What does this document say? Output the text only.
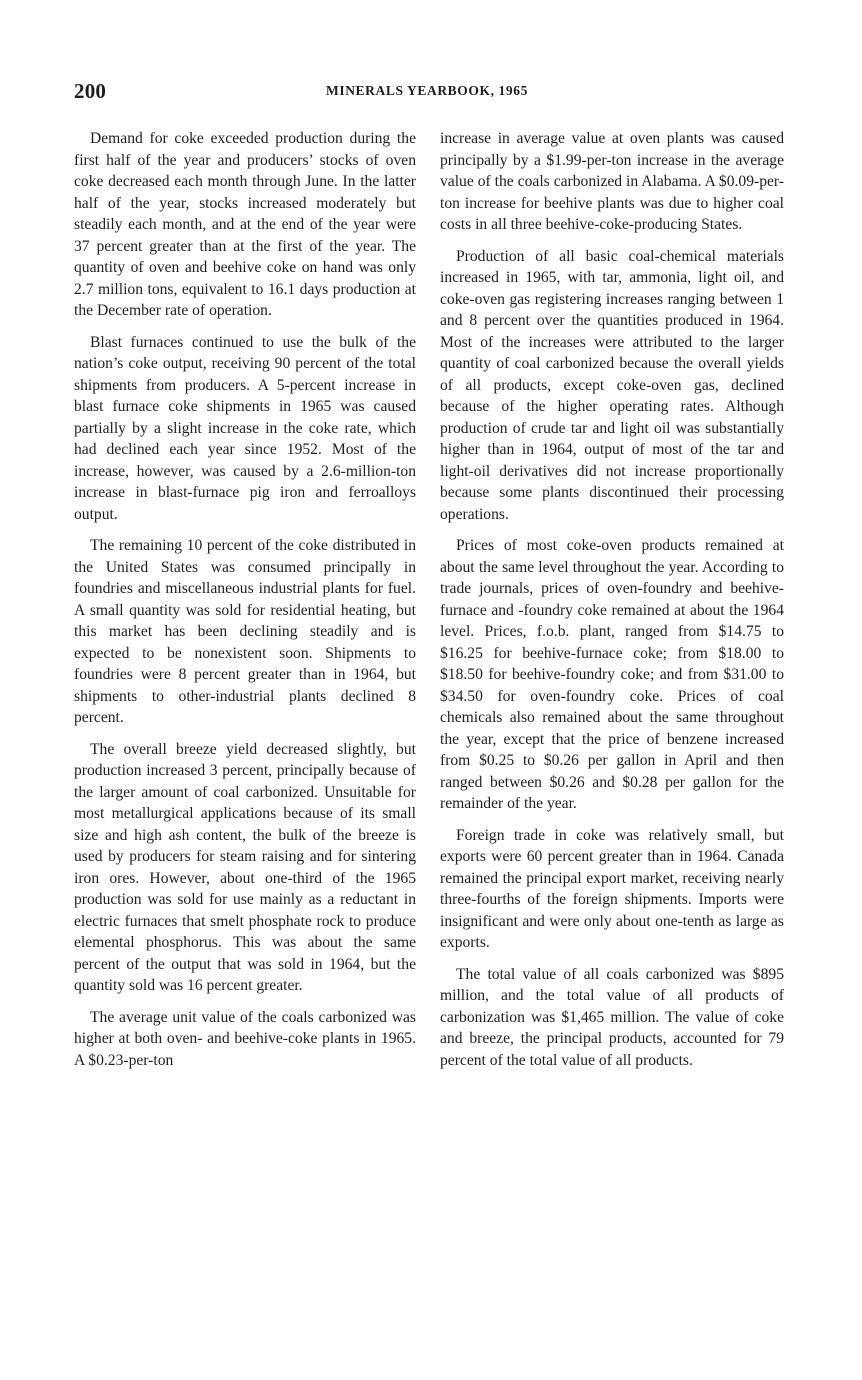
200	MINERALS YEARBOOK, 1965

Demand for coke exceeded production during the first half of the year and producers’ stocks of oven coke decreased each month through June. In the latter half of the year, stocks increased moderately but steadily each month, and at the end of the year were 37 percent greater than at the first of the year. The quantity of oven and beehive coke on hand was only 2.7 million tons, equivalent to 16.1 days production at the December rate of operation.

Blast furnaces continued to use the bulk of the nation’s coke output, receiving 90 percent of the total shipments from producers. A 5-percent increase in blast furnace coke shipments in 1965 was caused partially by a slight increase in the coke rate, which had declined each year since 1952. Most of the increase, however, was caused by a 2.6-million-ton increase in blast-furnace pig iron and ferroalloys output.

The remaining 10 percent of the coke distributed in the United States was consumed principally in foundries and miscellaneous industrial plants for fuel. A small quantity was sold for residential heating, but this market has been declining steadily and is expected to be nonexistent soon. Shipments to foundries were 8 percent greater than in 1964, but shipments to other-industrial plants declined 8 percent.

The overall breeze yield decreased slightly, but production increased 3 percent, principally because of the larger amount of coal carbonized. Unsuitable for most metallurgical applications because of its small size and high ash content, the bulk of the breeze is used by producers for steam raising and for sintering iron ores. However, about one-third of the 1965 production was sold for use mainly as a reductant in electric furnaces that smelt phosphate rock to produce elemental phosphorus. This was about the same percent of the output that was sold in 1964, but the quantity sold was 16 percent greater.

The average unit value of the coals carbonized was higher at both oven- and beehive-coke plants in 1965. A $0.23-per-ton

increase in average value at oven plants was caused principally by a $1.99-per-ton increase in the average value of the coals carbonized in Alabama. A $0.09-per-ton increase for beehive plants was due to higher coal costs in all three beehive-coke-producing States.

Production of all basic coal-chemical materials increased in 1965, with tar, ammonia, light oil, and coke-oven gas registering increases ranging between 1 and 8 percent over the quantities produced in 1964. Most of the increases were attributed to the larger quantity of coal carbonized because the overall yields of all products, except coke-oven gas, declined because of the higher operating rates. Although production of crude tar and light oil was substantially higher than in 1964, output of most of the tar and light-oil derivatives did not increase proportionally because some plants discontinued their processing operations.

Prices of most coke-oven products remained at about the same level throughout the year. According to trade journals, prices of oven-foundry and beehive-furnace and -foundry coke remained at about the 1964 level. Prices, f.o.b. plant, ranged from $14.75 to $16.25 for beehive-furnace coke; from $18.00 to $18.50 for beehive-foundry coke; and from $31.00 to $34.50 for oven-foundry coke. Prices of coal chemicals also remained about the same throughout the year, except that the price of benzene increased from $0.25 to $0.26 per gallon in April and then ranged between $0.26 and $0.28 per gallon for the remainder of the year.

Foreign trade in coke was relatively small, but exports were 60 percent greater than in 1964. Canada remained the principal export market, receiving nearly three-fourths of the foreign shipments. Imports were insignificant and were only about one-tenth as large as exports.

The total value of all coals carbonized was $895 million, and the total value of all products of carbonization was $1,465 million. The value of coke and breeze, the principal products, accounted for 79 percent of the total value of all products.
